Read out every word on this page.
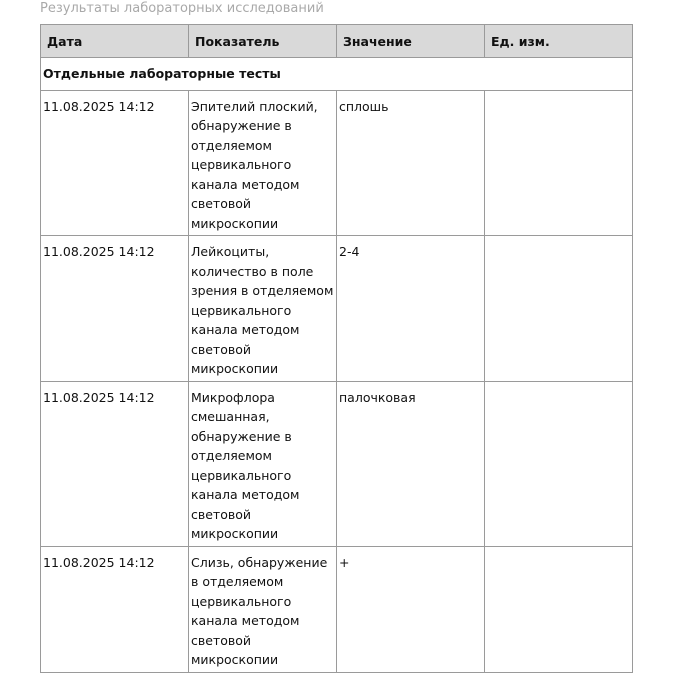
Результаты лабораторных исследований
Дата	Показатель	Значение	Ед. изм.
Отдельные лабораторные тесты			
11.08.2025 14:12	Эпителий плоский, обнаружение в отделяемом цервикального канала методом световой микроскопии	сплошь	
11.08.2025 14:12	Лейкоциты, количество в поле зрения в отделяемом цервикального канала методом световой микроскопии	2-4	
11.08.2025 14:12	Микрофлора смешанная, обнаружение в отделяемом цервикального канала методом световой микроскопии	палочковая	
11.08.2025 14:12	Слизь, обнаружение в отделяемом цервикального канала методом световой микроскопии	+	
